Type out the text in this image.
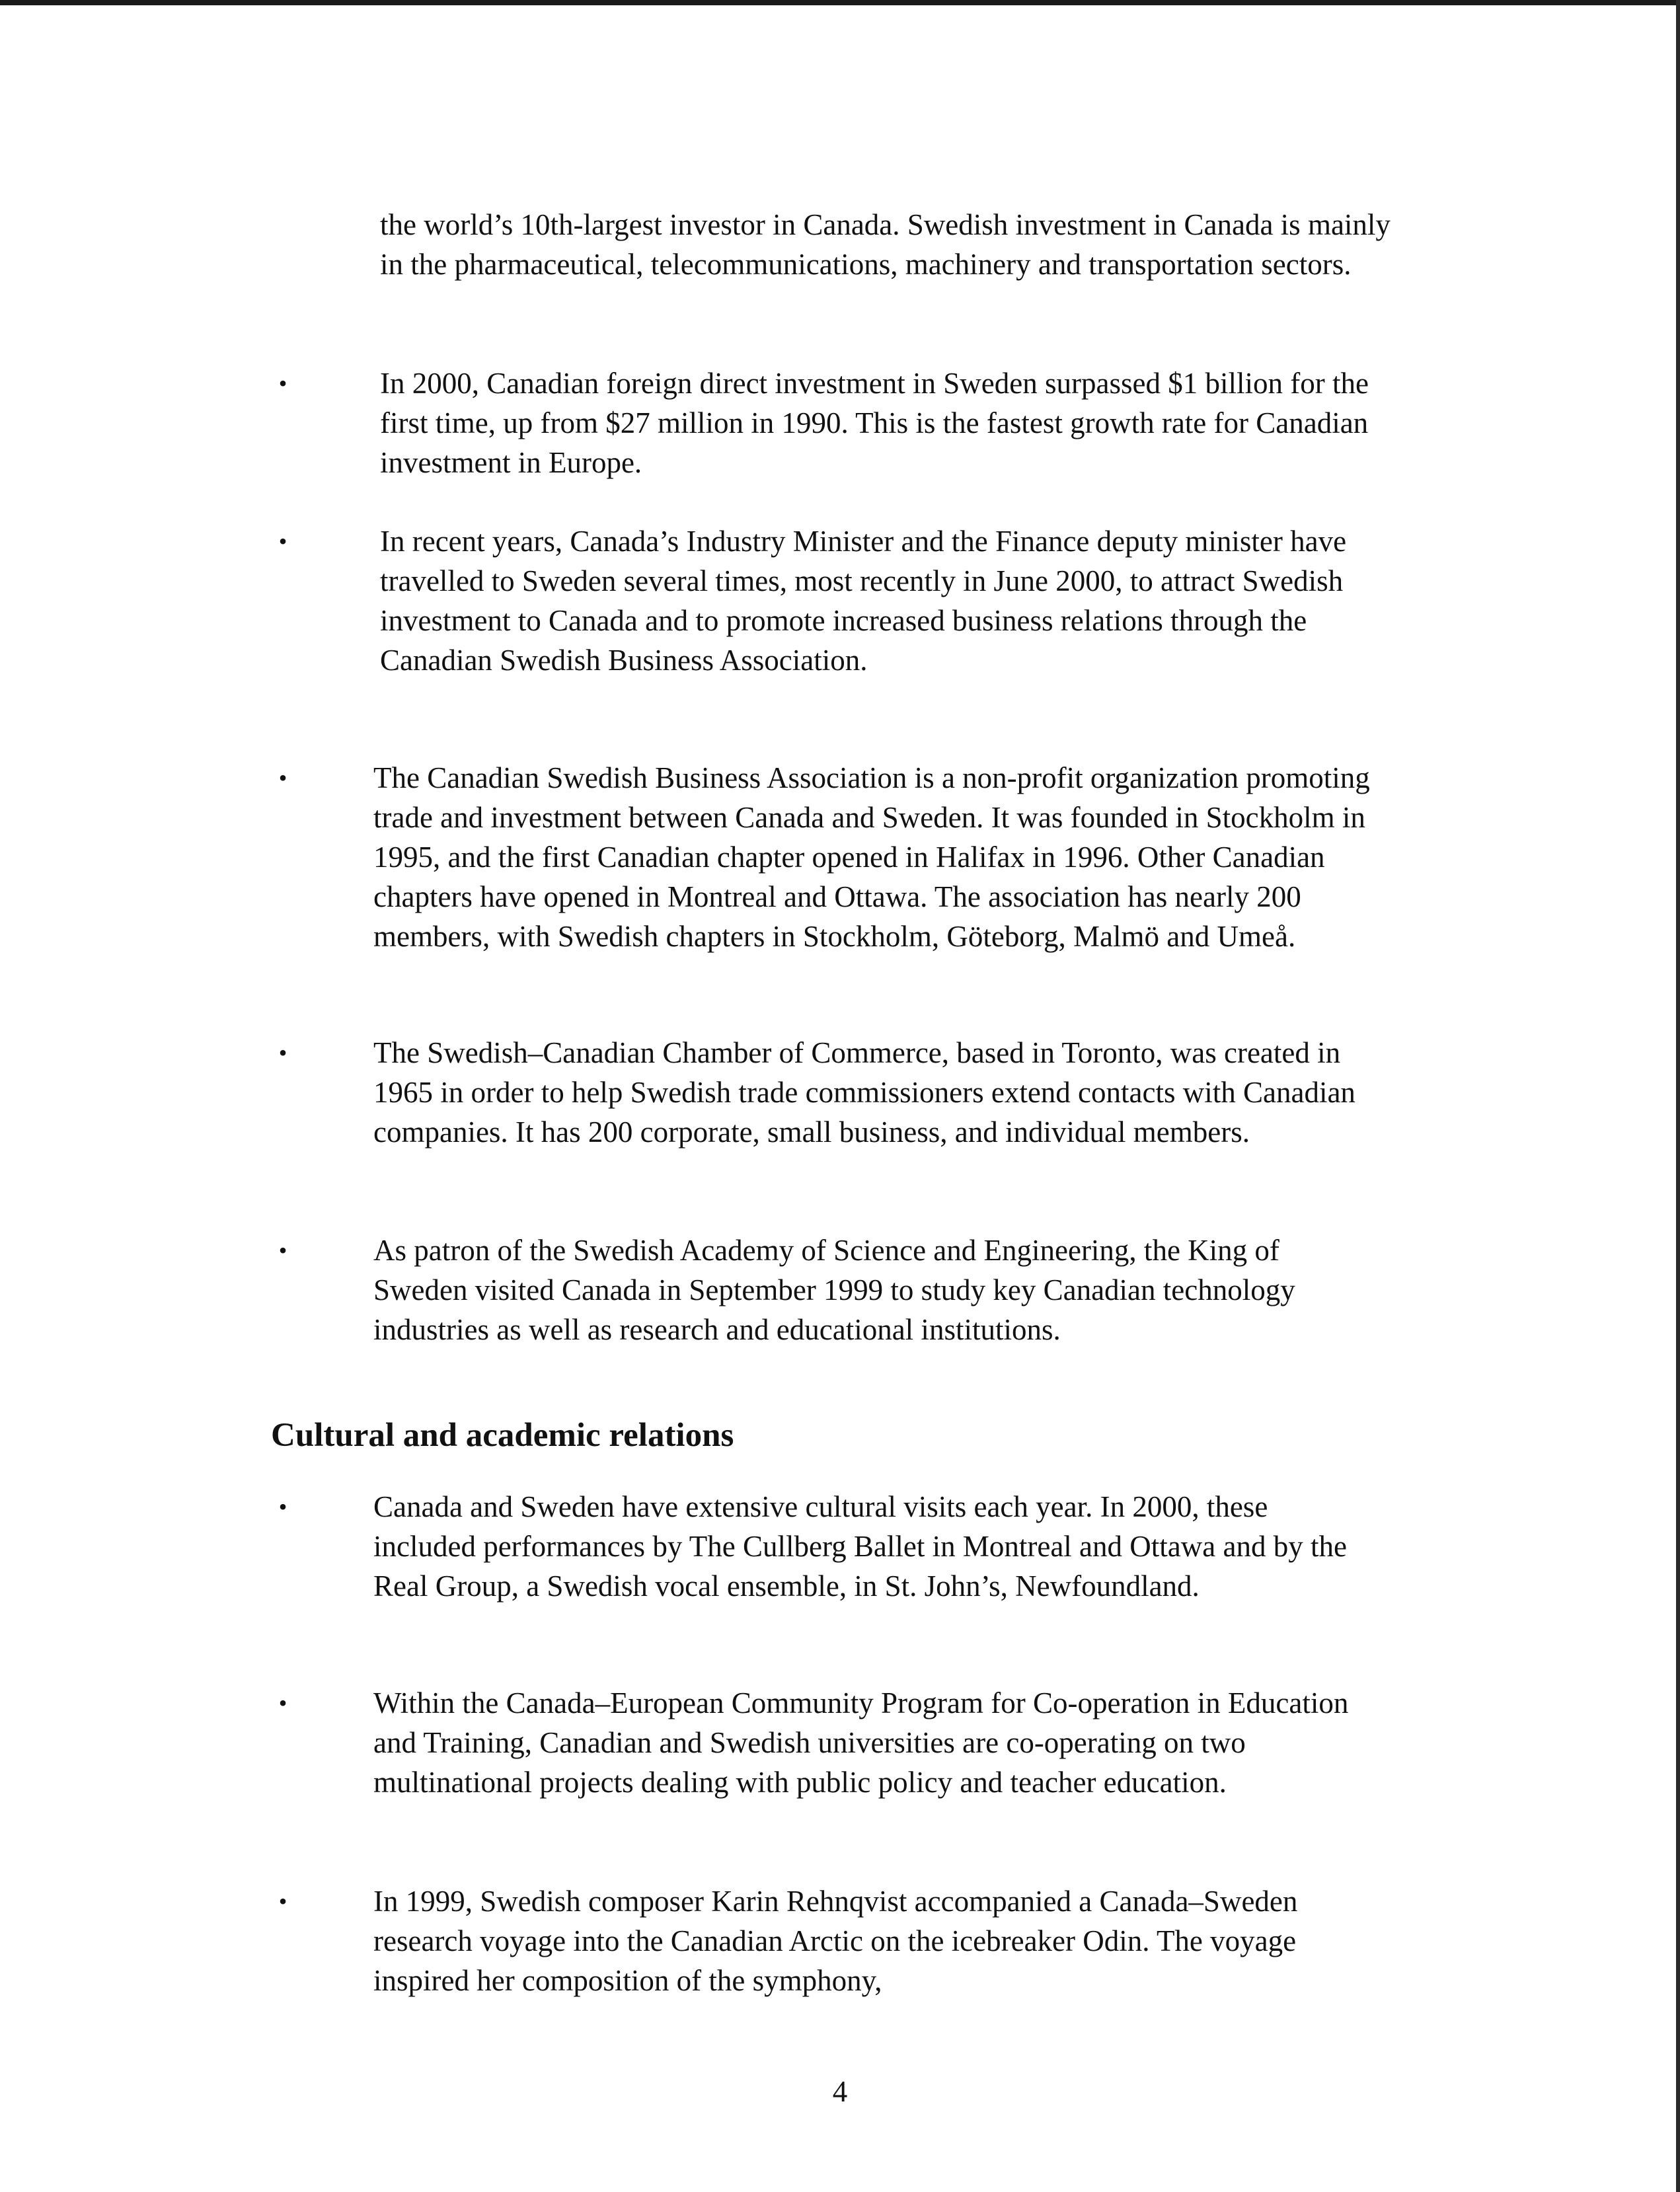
the world’s 10th-largest investor in Canada. Swedish investment in Canada is mainly in the pharmaceutical, telecommunications, machinery and transportation sectors.

•	In 2000, Canadian foreign direct investment in Sweden surpassed $1 billion for the first time, up from $27 million in 1990. This is the fastest growth rate for Canadian investment in Europe.

•	In recent years, Canada’s Industry Minister and the Finance deputy minister have travelled to Sweden several times, most recently in June 2000, to attract Swedish investment to Canada and to promote increased business relations through the Canadian Swedish Business Association.

•	The Canadian Swedish Business Association is a non-profit organization promoting trade and investment between Canada and Sweden. It was founded in Stockholm in 1995, and the first Canadian chapter opened in Halifax in 1996. Other Canadian chapters have opened in Montreal and Ottawa. The association has nearly 200 members, with Swedish chapters in Stockholm, Göteborg, Malmö and Umeå.

•	The Swedish–Canadian Chamber of Commerce, based in Toronto, was created in 1965 in order to help Swedish trade commissioners extend contacts with Canadian companies. It has 200 corporate, small business, and individual members.

•	As patron of the Swedish Academy of Science and Engineering, the King of Sweden visited Canada in September 1999 to study key Canadian technology industries as well as research and educational institutions.

Cultural and academic relations
•	Canada and Sweden have extensive cultural visits each year. In 2000, these included performances by The Cullberg Ballet in Montreal and Ottawa and by the Real Group, a Swedish vocal ensemble, in St. John’s, Newfoundland.

•	Within the Canada–European Community Program for Co-operation in Education and Training, Canadian and Swedish universities are co-operating on two multinational projects dealing with public policy and teacher education.

•	In 1999, Swedish composer Karin Rehnqvist accompanied a Canada–Sweden research voyage into the Canadian Arctic on the icebreaker Odin. The voyage inspired her composition of the symphony,

4
